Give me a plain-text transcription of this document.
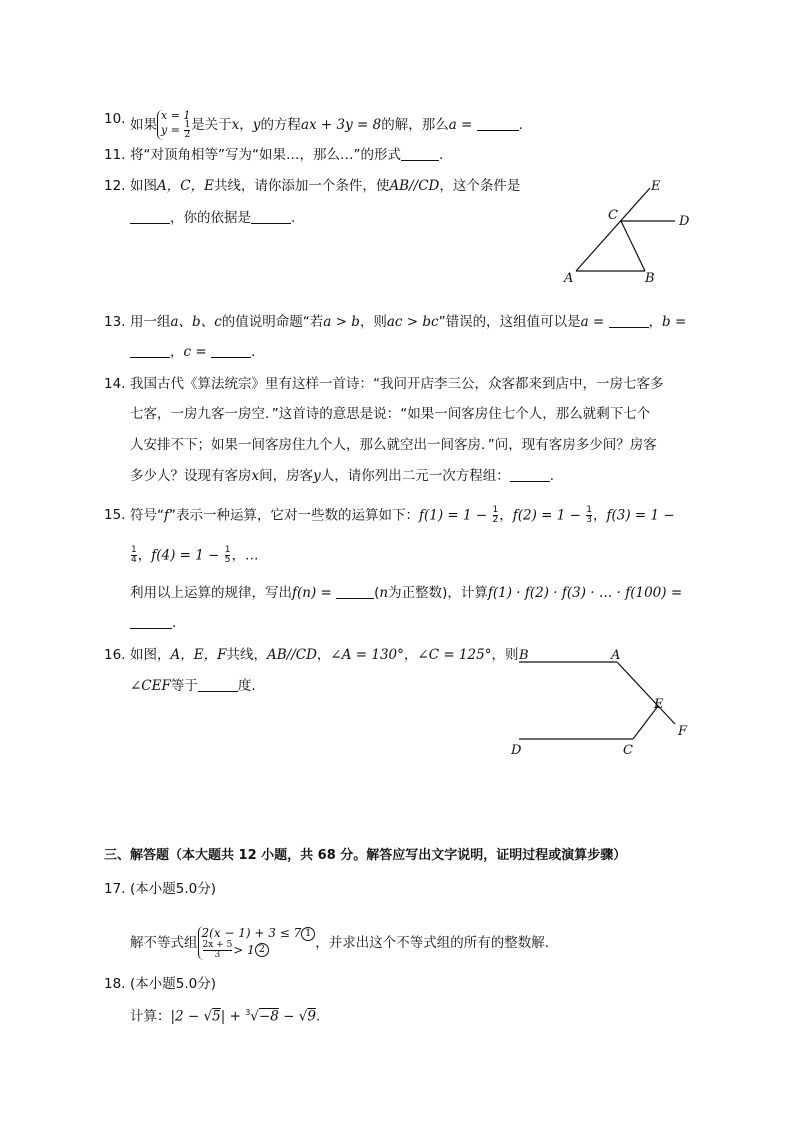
10. 如果x = 1
$y = \frac{1}{2}$ 是关于x，y的方程ax + 3y = 8的解，那么a =	.
11. 将“对顶角相等”写为“如果…，那么…”的形式	.
12. 如图A，C，E共线，请你添加一个条件，使AB//CD，这个条件是
，你的依据是	.
E
C	D
A	B
13. 用一组a、b、c的值说明命题“若a > b，则ac > bc”错误的，这组值可以是a =	，b =
，c =	.
14. 我国古代《算法统宗》里有这样一首诗：“我问开店李三公，众客都来到店中，一房七客多
七客，一房九客一房空．”这首诗的意思是说：“如果一间客房住七个人，那么就剩下七个
人安排不下；如果一间客房住九个人，那么就空出一间客房．”问，现有客房多少间？房客
多少人？设现有客房x间，房客y人，请你列出二元一次方程组：	.
15. 符号“f”表示一种运算，它对一些数的运算如下：$f(1) = 1 - \frac{1}{2}$ ，$f(2) = 1 - \frac{1}{3}$ ，f(3) = 1 −
$\frac{1}{4}$ ，$f(4) = 1 - \frac{1}{5}$ ，…
利用以上运算的规律，写出f(n) =	(n为正整数)，计算f(1) · f(2) · f(3) · … · f(100) =
.
16. 如图，A，E，F共线，AB//CD，∠A = 130°，∠C = 125°，则
∠CEF等于	度.
B	A
E
F
D	C
三、解答题（本大题共 12 小题，共 68 分。解答应写出文字说明，证明过程或演算步骤）
17. (本小题5.0分)
解不等式组2(x − 1) + 3 ≤ 7 1

$\frac{2x + 5}{3} > 1$ 2	，并求出这个不等式组的所有的整数解.
18. (本小题5.0分)
计算：|2 − √5| + $^3$√−8 − √9.
